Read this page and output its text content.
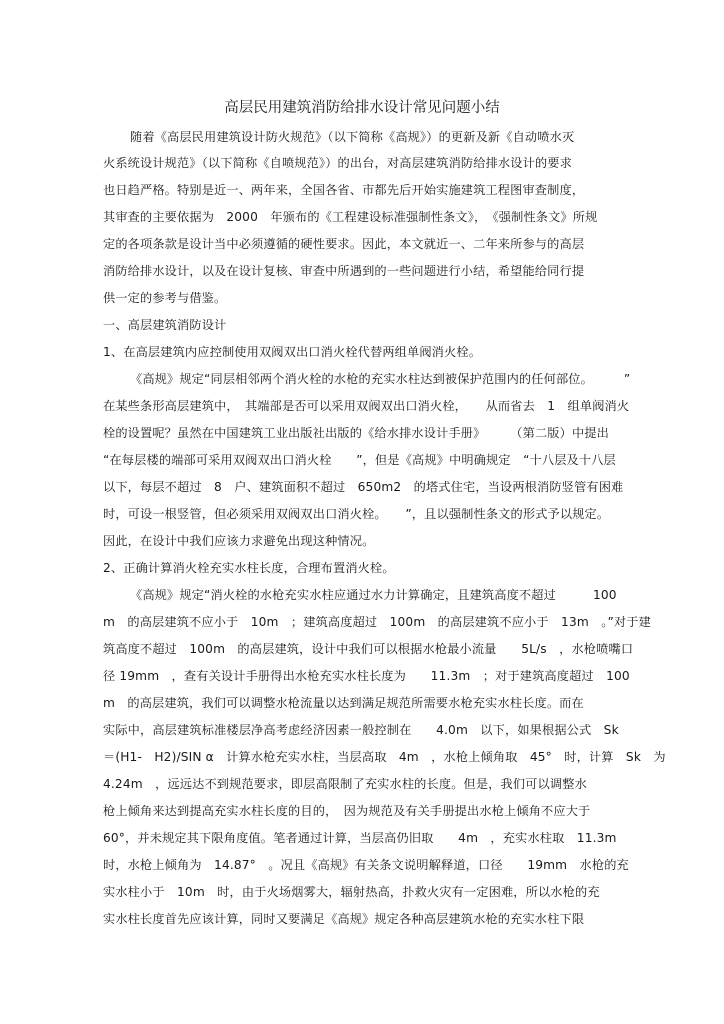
高层民用建筑消防给排水设计常见问题小结
随着《高层民用建筑设计防火规范》（以下简称《高规》）的更新及新《自动喷水灭
火系统设计规范》（以下简称《自喷规范》）的出台，对高层建筑消防给排水设计的要求
也日趋严格。特别是近一、两年来，全国各省、市都先后开始实施建筑工程图审查制度，
其审查的主要依据为　2000　年颁布的《工程建设标准强制性条文》，　《强制性条文》所规
定的各项条款是设计当中必须遵循的硬性要求。因此，本文就近一、二年来所参与的高层
消防给排水设计，以及在设计复核、审查中所遇到的一些问题进行小结，希望能给同行提
供一定的参考与借鉴。
一、高层建筑消防设计
1、在高层建筑内应控制使用双阀双出口消火栓代替两组单阀消火栓。
《高规》规定“同层相邻两个消火栓的水枪的充实水柱达到被保护范围内的任何部位。　　　”
在某些条形高层建筑中，　其端部是否可以采用双阀双出口消火栓，　　从而省去　1　组单阀消火
栓的设置呢？虽然在中国建筑工业出版社出版的《给水排水设计手册》　　　（第二版）中提出
“在每层楼的端部可采用双阀双出口消火栓　　”，但是《高规》中明确规定　“十八层及十八层
以下，每层不超过　8　户、建筑面积不超过　650m2　的塔式住宅，当设两根消防竖管有困难
时，可设一根竖管，但必须采用双阀双出口消火栓。　　”，且以强制性条文的形式予以规定。
因此，在设计中我们应该力求避免出现这种情况。
2、正确计算消火栓充实水柱长度，合理布置消火栓。
《高规》规定“消火栓的水枪充实水柱应通过水力计算确定，且建筑高度不超过　　　100
m　的高层建筑不应小于　10m　；建筑高度超过　100m　的高层建筑不应小于　13m　。”对于建
筑高度不超过　100m　的高层建筑，设计中我们可以根据水枪最小流量　　5L/s　，水枪喷嘴口
径 19mm　，查有关设计手册得出水枪充实水柱长度为　　11.3m　；对于建筑高度超过　100
m　的高层建筑，我们可以调整水枪流量以达到满足规范所需要水枪充实水柱长度。而在
实际中，高层建筑标准楼层净高考虑经济因素一般控制在　　4.0m　以下，如果根据公式　Sk
＝(H1-　H2)/SIN α　计算水枪充实水柱，当层高取　4m　，水枪上倾角取　45°　时，计算　Sk　为
4.24m　，远远达不到规范要求，即层高限制了充实水柱的长度。但是，我们可以调整水
枪上倾角来达到提高充实水柱长度的目的，　因为规范及有关手册提出水枪上倾角不应大于
60°，并未规定其下限角度值。笔者通过计算，当层高仍旧取　　4m　，充实水柱取　11.3m
时，水枪上倾角为　14.87°　。况且《高规》有关条文说明解释道，口径　　19mm　水枪的充
实水柱小于　10m　时，由于火场烟雾大，辐射热高，扑救火灾有一定困难，所以水枪的充
实水柱长度首先应该计算，同时又要满足《高规》规定各种高层建筑水枪的充实水柱下限
